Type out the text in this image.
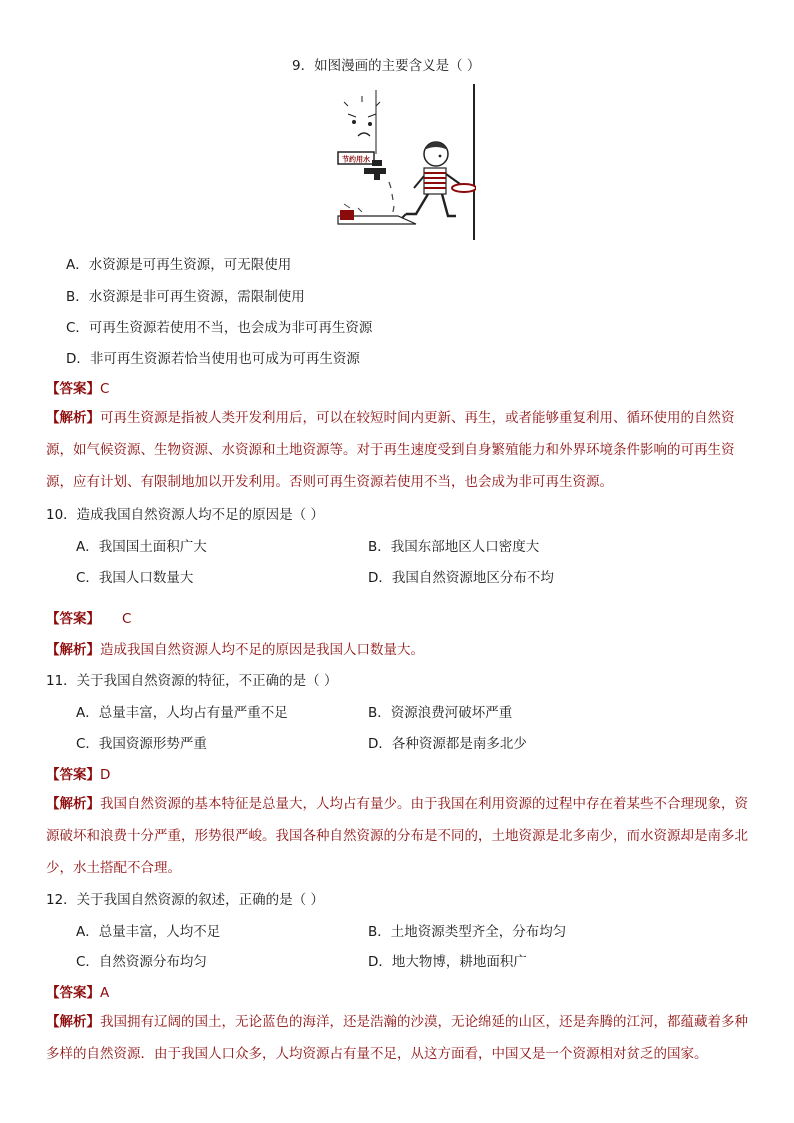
9．如图漫画的主要含义是（ ）
节约用水
A．水资源是可再生资源，可无限使用
B．水资源是非可再生资源，需限制使用
C．可再生资源若使用不当，也会成为非可再生资源
D．非可再生资源若恰当使用也可成为可再生资源
【答案】C
【解析】可再生资源是指被人类开发利用后，可以在较短时间内更新、再生，或者能够重复利用、循环使用的自然资源，如气候资源、生物资源、水资源和土地资源等。对于再生速度受到自身繁殖能力和外界环境条件影响的可再生资源，应有计划、有限制地加以开发利用。否则可再生资源若使用不当，也会成为非可再生资源。
10．造成我国自然资源人均不足的原因是（ ）
A．我国国土面积广大	B．我国东部地区人口密度大
C．我国人口数量大	D．我国自然资源地区分布不均
【答案】 C
【解析】造成我国自然资源人均不足的原因是我国人口数量大。
11．关于我国自然资源的特征，不正确的是（ ）
A．总量丰富，人均占有量严重不足	B．资源浪费河破坏严重
C．我国资源形势严重	D．各种资源都是南多北少
【答案】D
【解析】我国自然资源的基本特征是总量大，人均占有量少。由于我国在利用资源的过程中存在着某些不合理现象，资源破坏和浪费十分严重，形势很严峻。我国各种自然资源的分布是不同的，土地资源是北多南少，而水资源却是南多北少，水土搭配不合理。
12．关于我国自然资源的叙述，正确的是（ ）
A．总量丰富，人均不足	B．土地资源类型齐全，分布均匀
C．自然资源分布均匀	D．地大物博，耕地面积广
【答案】A
【解析】我国拥有辽阔的国土，无论蓝色的海洋，还是浩瀚的沙漠，无论绵延的山区，还是奔腾的江河，都蕴藏着多种多样的自然资源．由于我国人口众多，人均资源占有量不足，从这方面看，中国又是一个资源相对贫乏的国家。
